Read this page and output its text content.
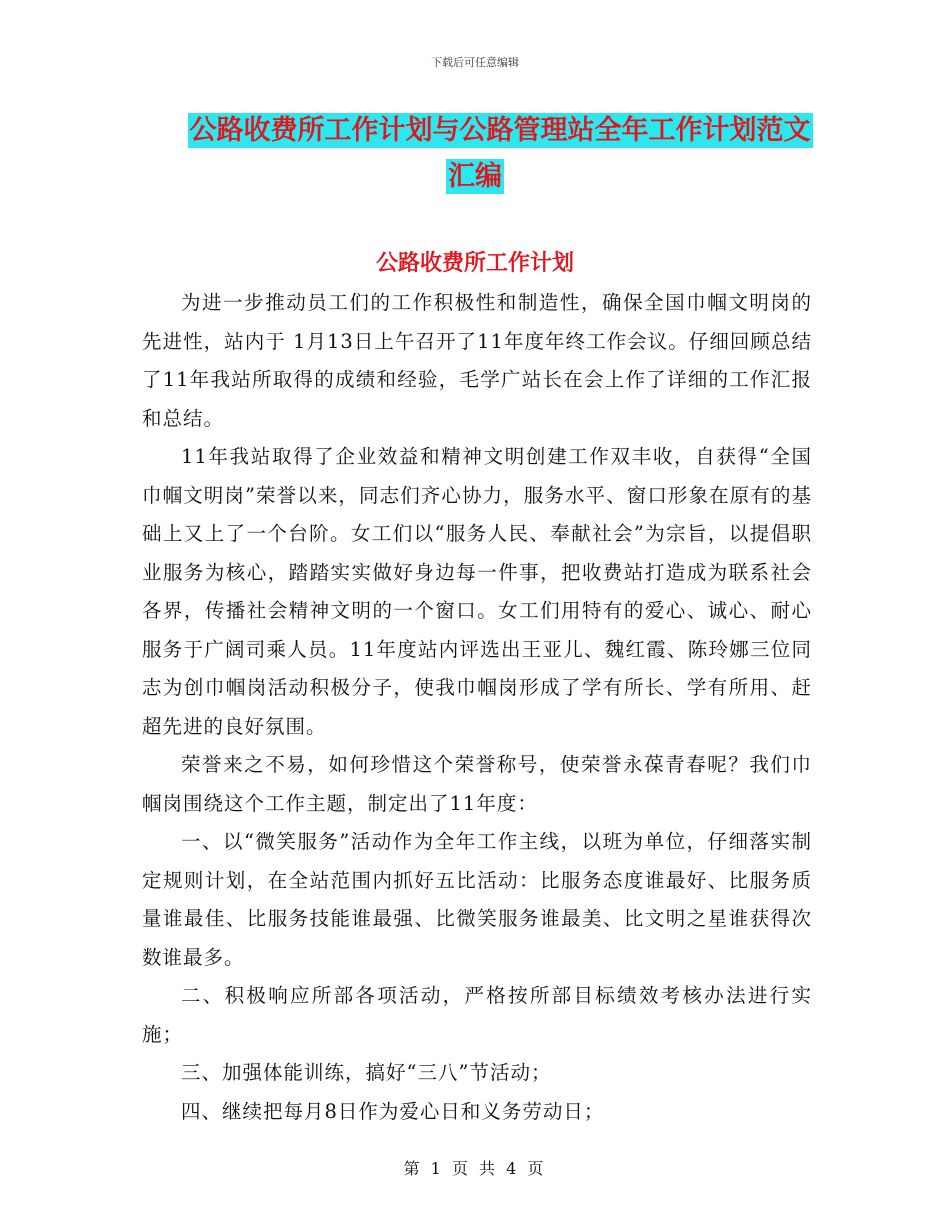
下载后可任意编辑
公路收费所工作计划与公路管理站全年工作计划范文
汇编
公路收费所工作计划

为进一步推动员工们的工作积极性和制造性，确保全国巾帼文明岗的先进性，站内于 1月13日上午召开了11年度年终工作会议。仔细回顾总结了11年我站所取得的成绩和经验，毛学广站长在会上作了详细的工作汇报和总结。

11年我站取得了企业效益和精神文明创建工作双丰收，自获得“全国巾帼文明岗”荣誉以来，同志们齐心协力，服务水平、窗口形象在原有的基础上又上了一个台阶。女工们以“服务人民、奉献社会”为宗旨，以提倡职业服务为核心，踏踏实实做好身边每一件事，把收费站打造成为联系社会各界，传播社会精神文明的一个窗口。女工们用特有的爱心、诚心、耐心服务于广阔司乘人员。11年度站内评选出王亚儿、魏红霞、陈玲娜三位同志为创巾帼岗活动积极分子，使我巾帼岗形成了学有所长、学有所用、赶超先进的良好氛围。

荣誉来之不易，如何珍惜这个荣誉称号，使荣誉永葆青春呢？我们巾帼岗围绕这个工作主题，制定出了11年度：

一、以“微笑服务”活动作为全年工作主线，以班为单位，仔细落实制定规则计划，在全站范围内抓好五比活动：比服务态度谁最好、比服务质量谁最佳、比服务技能谁最强、比微笑服务谁最美、比文明之星谁获得次数谁最多。

二、积极响应所部各项活动，严格按所部目标绩效考核办法进行实施；

三、加强体能训练，搞好“三八”节活动；

四、继续把每月8日作为爱心日和义务劳动日；

第 1 页 共 4 页
